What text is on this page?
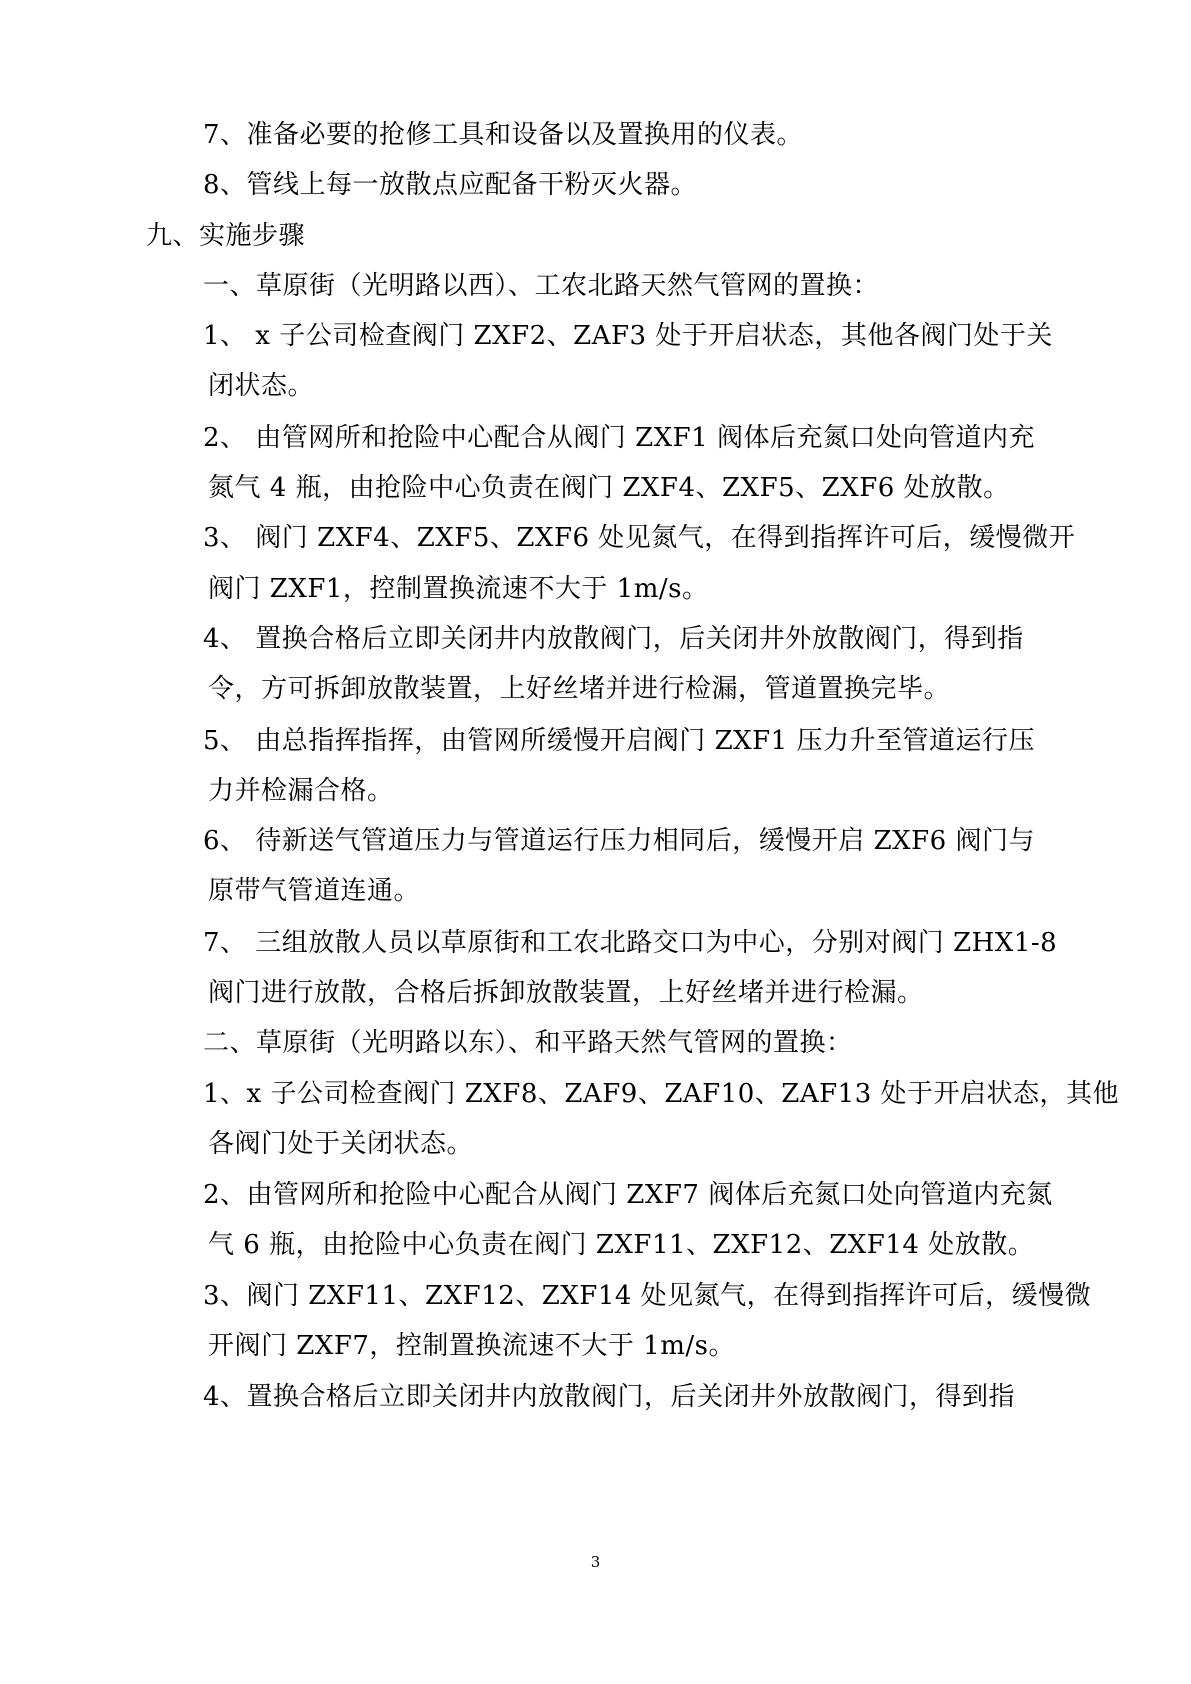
7、准备必要的抢修工具和设备以及置换用的仪表。
8、管线上每一放散点应配备干粉灭火器。
九、实施步骤
一、草原街（光明路以西）、工农北路天然气管网的置换：
1、 x 子公司检查阀门 ZXF2、ZAF3 处于开启状态，其他各阀门处于关
闭状态。
2、 由管网所和抢险中心配合从阀门 ZXF1 阀体后充氮口处向管道内充
氮气 4 瓶，由抢险中心负责在阀门 ZXF4、ZXF5、ZXF6 处放散。
3、 阀门 ZXF4、ZXF5、ZXF6 处见氮气，在得到指挥许可后，缓慢微开
阀门 ZXF1，控制置换流速不大于 1m/s。
4、 置换合格后立即关闭井内放散阀门，后关闭井外放散阀门，得到指
令，方可拆卸放散装置，上好丝堵并进行检漏，管道置换完毕。
5、 由总指挥指挥，由管网所缓慢开启阀门 ZXF1 压力升至管道运行压
力并检漏合格。
6、 待新送气管道压力与管道运行压力相同后，缓慢开启 ZXF6 阀门与
原带气管道连通。
7、 三组放散人员以草原街和工农北路交口为中心，分别对阀门 ZHX1-8
阀门进行放散，合格后拆卸放散装置，上好丝堵并进行检漏。
二、草原街（光明路以东）、和平路天然气管网的置换：
1、x 子公司检查阀门 ZXF8、ZAF9、ZAF10、ZAF13 处于开启状态，其他
各阀门处于关闭状态。
2、由管网所和抢险中心配合从阀门 ZXF7 阀体后充氮口处向管道内充氮
气 6 瓶，由抢险中心负责在阀门 ZXF11、ZXF12、ZXF14 处放散。
3、阀门 ZXF11、ZXF12、ZXF14 处见氮气，在得到指挥许可后，缓慢微
开阀门 ZXF7，控制置换流速不大于 1m/s。
4、置换合格后立即关闭井内放散阀门，后关闭井外放散阀门，得到指
3
